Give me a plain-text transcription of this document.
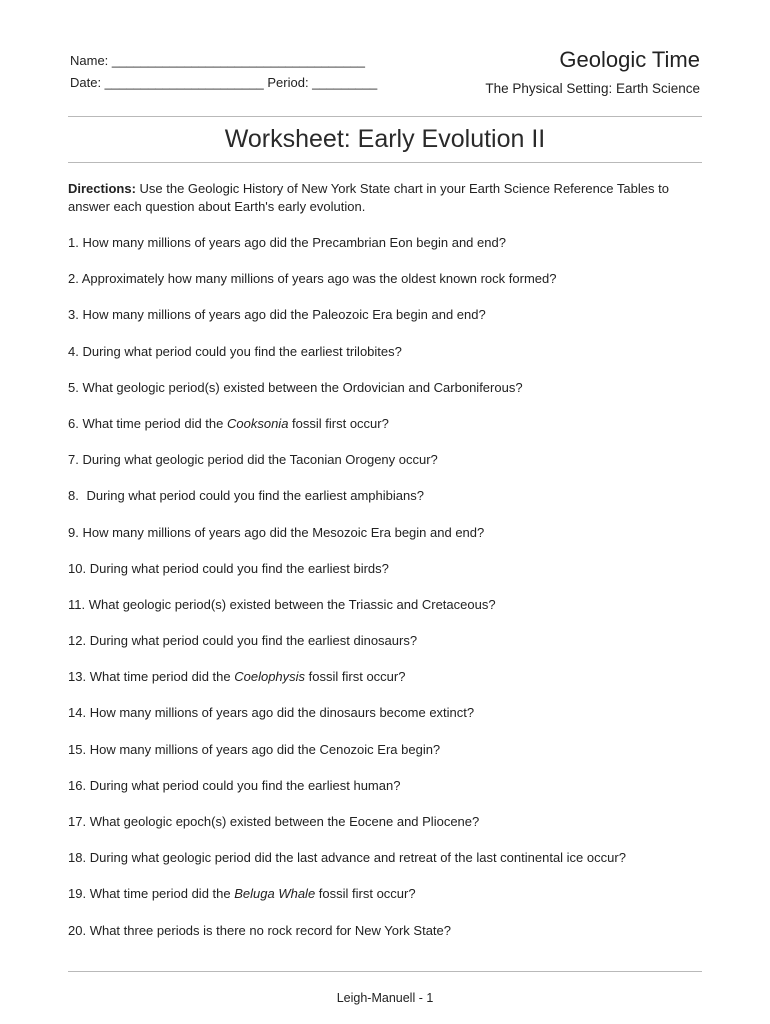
Name: ___________________________________
Date: ______________________ Period: _________
Geologic Time
The Physical Setting: Earth Science
Worksheet: Early Evolution II
Directions: Use the Geologic History of New York State chart in your Earth Science Reference Tables to answer each question about Earth's early evolution.
1. How many millions of years ago did the Precambrian Eon begin and end?
2. Approximately how many millions of years ago was the oldest known rock formed?
3. How many millions of years ago did the Paleozoic Era begin and end?
4. During what period could you find the earliest trilobites?
5. What geologic period(s) existed between the Ordovician and Carboniferous?
6. What time period did the Cooksonia fossil first occur?
7. During what geologic period did the Taconian Orogeny occur?
8. During what period could you find the earliest amphibians?
9. How many millions of years ago did the Mesozoic Era begin and end?
10. During what period could you find the earliest birds?
11. What geologic period(s) existed between the Triassic and Cretaceous?
12. During what period could you find the earliest dinosaurs?
13. What time period did the Coelophysis fossil first occur?
14. How many millions of years ago did the dinosaurs become extinct?
15. How many millions of years ago did the Cenozoic Era begin?
16. During what period could you find the earliest human?
17. What geologic epoch(s) existed between the Eocene and Pliocene?
18. During what geologic period did the last advance and retreat of the last continental ice occur?
19. What time period did the Beluga Whale fossil first occur?
20. What three periods is there no rock record for New York State?
Leigh-Manuell - 1
